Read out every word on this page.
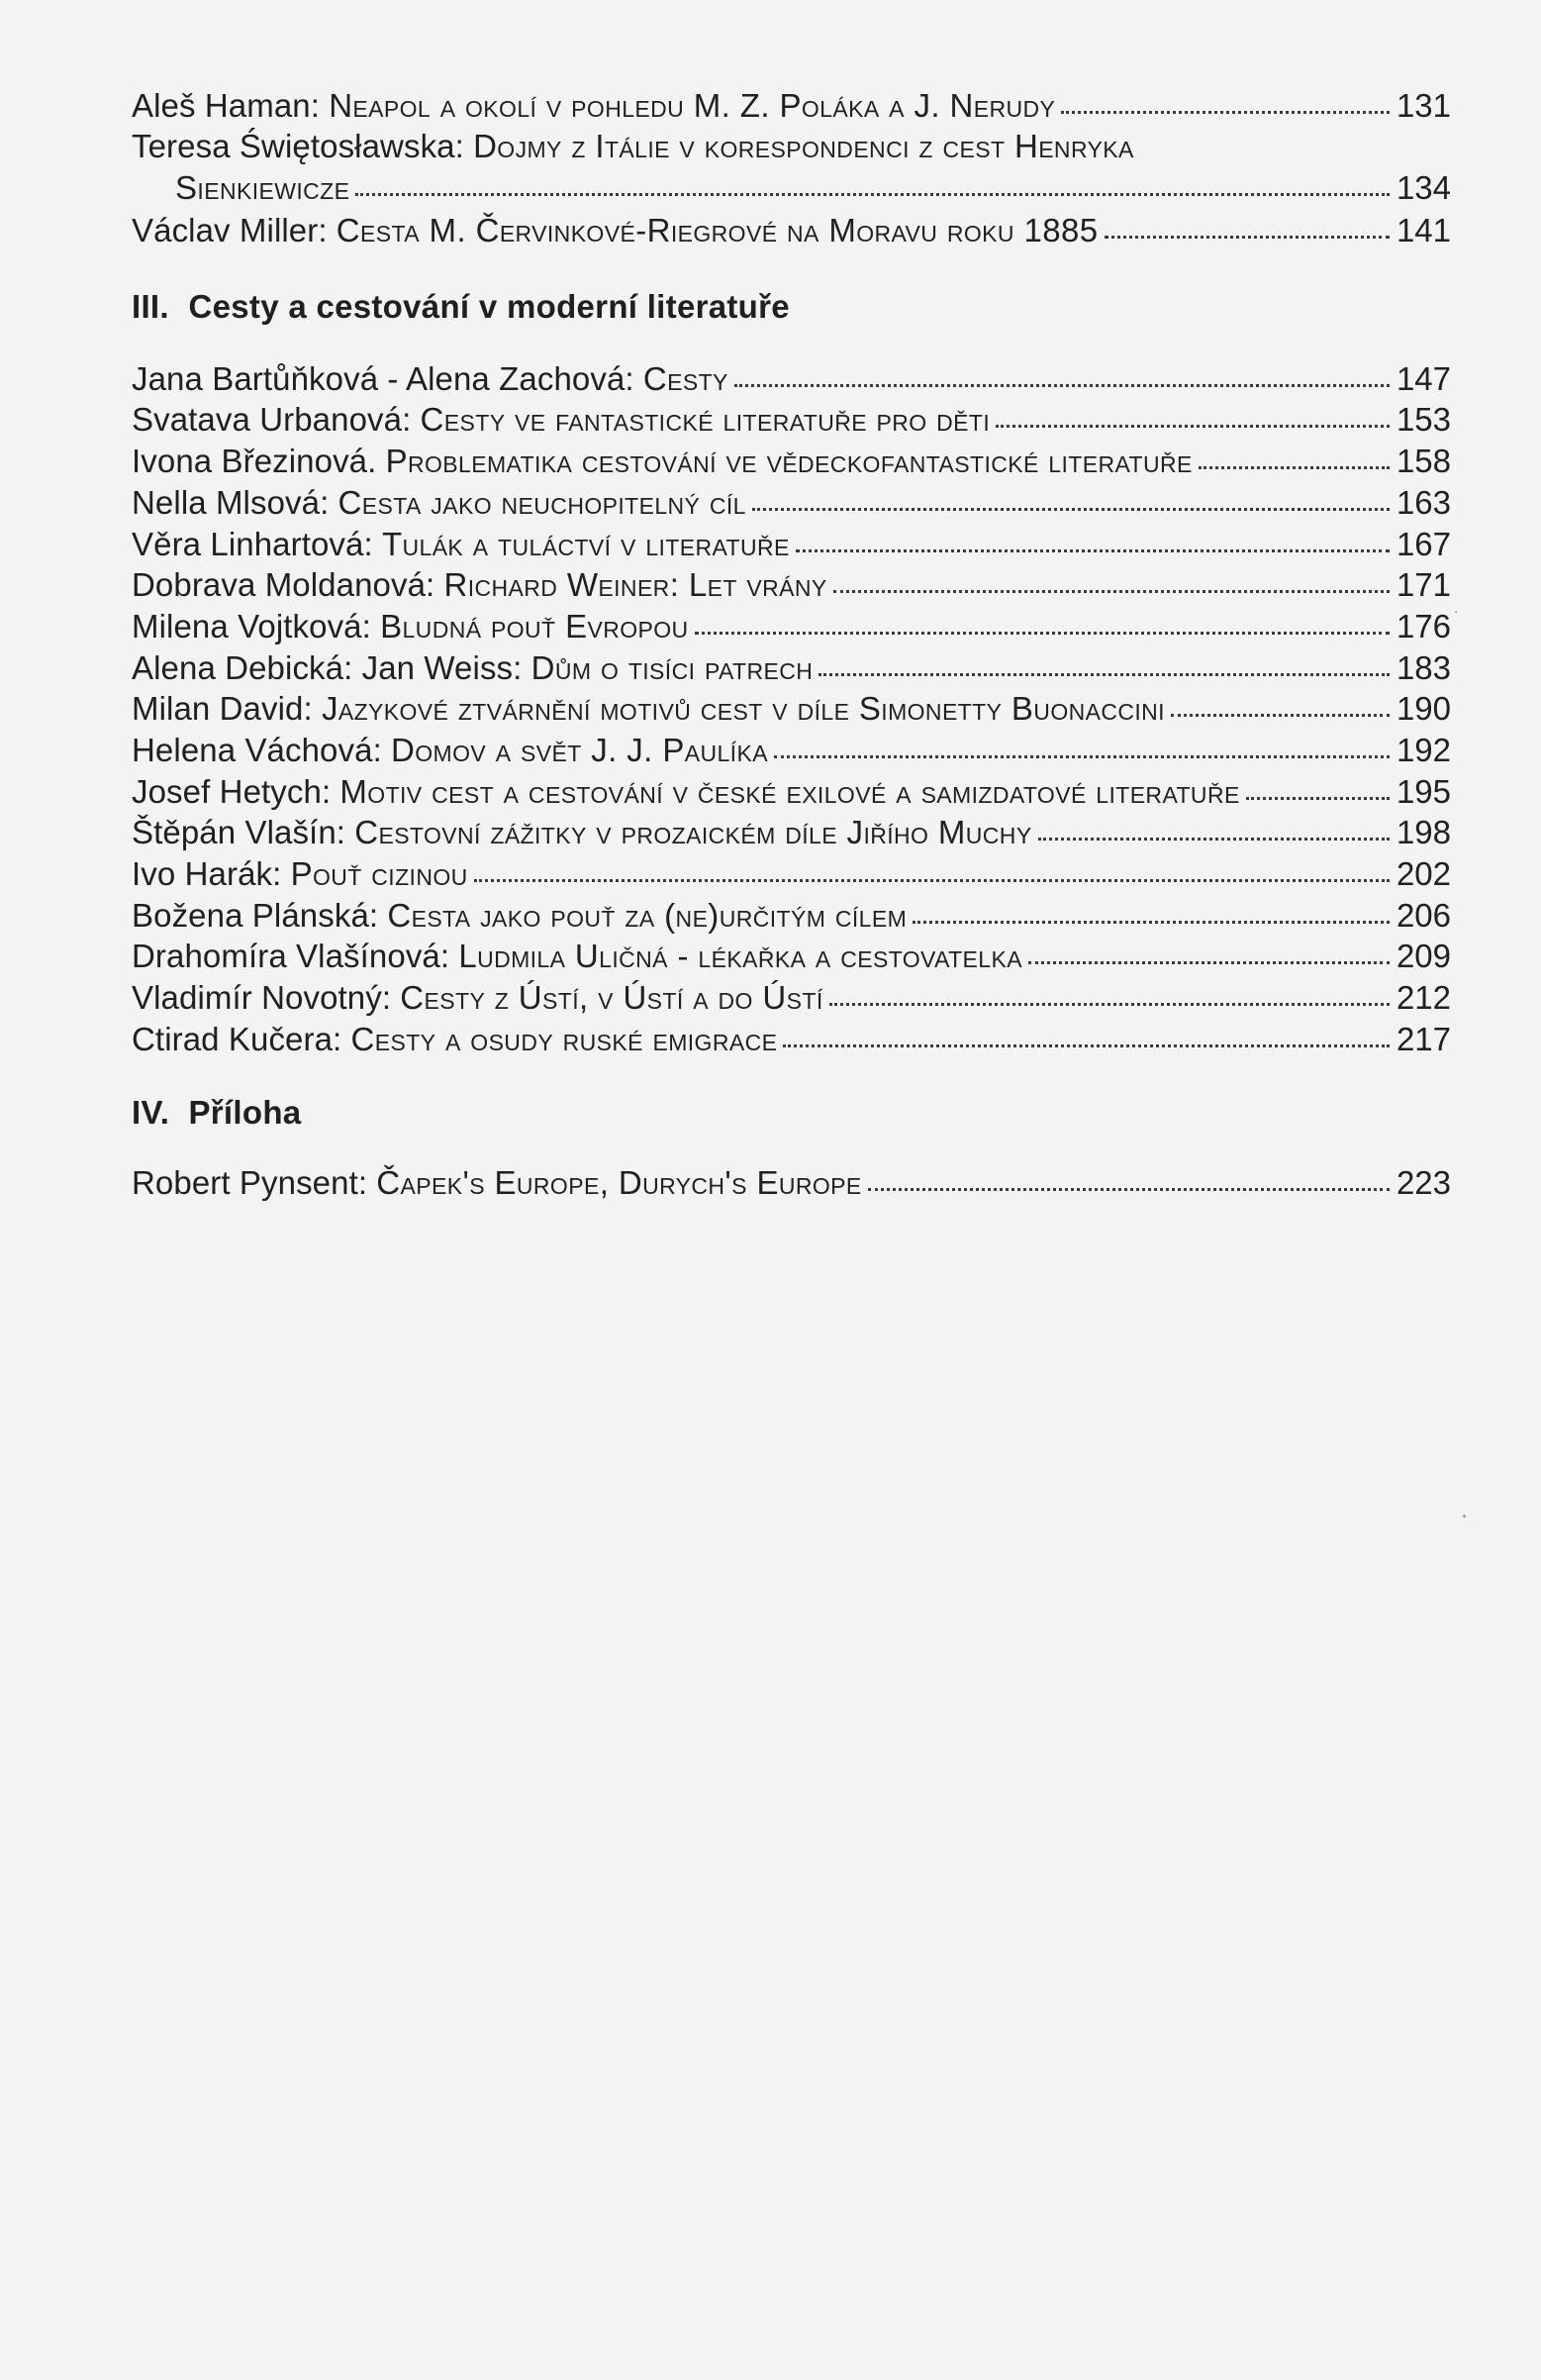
Aleš Haman:
Neapol a okolí v pohledu M. Z. Poláka a J. Nerudy	131
Teresa Świętosławska: Dojmy z Itálie v korespondenci z cest Henryka
Sienkiewicze	134
Václav Miller:
Cesta M. Červinkové-Riegrové na Moravu roku 1885	141
III. Cesty a cestování v moderní literatuře
Jana Bartůňková - Alena Zachová:
Cesty	147
Svatava Urbanová:
Cesty ve fantastické literatuře pro děti	153
Ivona Březinová.
Problematika cestování ve vědeckofantastické literatuře	158
Nella Mlsová:
Cesta jako neuchopitelný cíl	163
Věra Linhartová:
Tulák a tuláctví v literatuře	167
Dobrava Moldanová:
Richard Weiner: Let vrány	171
Milena Vojtková:
Bludná pouť Evropou	176
Alena Debická: Jan Weiss:
Dům o tisíci patrech	183
Milan David:
Jazykové ztvárnění motivů cest v díle Simonetty Buonaccini	190
Helena Váchová:
Domov a svět J. J. Paulíka	192
Josef Hetych:
Motiv cest a cestování v české exilové a samizdatové literatuře	195
Štěpán Vlašín:
Cestovní zážitky v prozaickém díle Jiřího Muchy	198
Ivo Harák:
Pouť cizinou	202
Božena Plánská:
Cesta jako pouť za (ne)určitým cílem	206
Drahomíra Vlašínová:
Ludmila Uličná - lékařka a cestovatelka	209
Vladimír Novotný:
Cesty z Ústí, v Ústí a do Ústí	212
Ctirad Kučera:
Cesty a osudy ruské emigrace	217
IV. Příloha
Robert Pynsent:
Čapek's Europe, Durych's Europe	223
